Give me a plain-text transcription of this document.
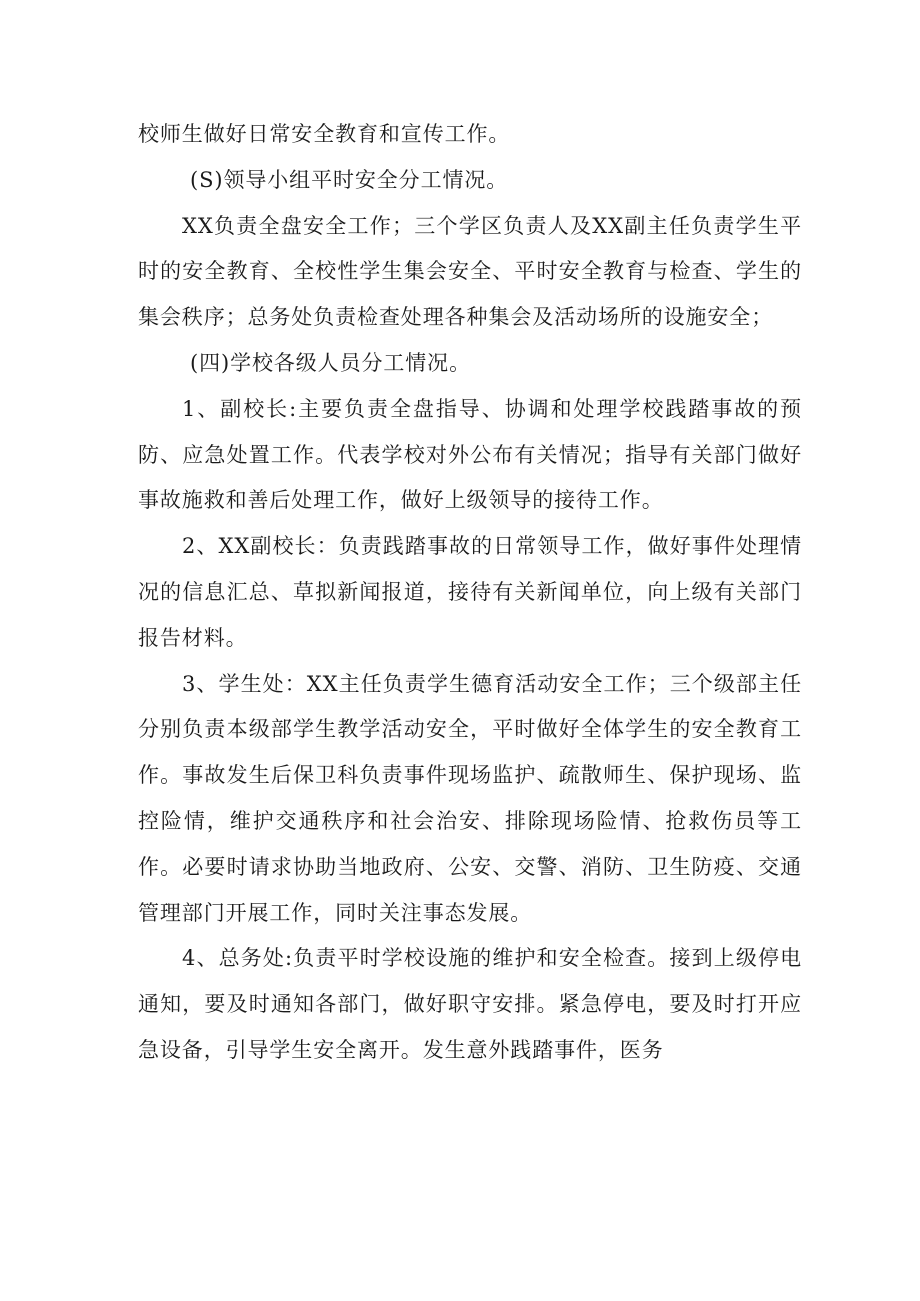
校师生做好日常安全教育和宣传工作。

(S)领导小组平时安全分工情况。

XX负责全盘安全工作；三个学区负责人及XX副主任负责学生平时的安全教育、全校性学生集会安全、平时安全教育与检查、学生的集会秩序；总务处负责检查处理各种集会及活动场所的设施安全；

(四)学校各级人员分工情况。

1、副校长:主要负责全盘指导、协调和处理学校践踏事故的预防、应急处置工作。代表学校对外公布有关情况；指导有关部门做好事故施救和善后处理工作，做好上级领导的接待工作。

2、XX副校长：负责践踏事故的日常领导工作，做好事件处理情况的信息汇总、草拟新闻报道，接待有关新闻单位，向上级有关部门报告材料。

3、学生处：XX主任负责学生德育活动安全工作；三个级部主任分别负责本级部学生教学活动安全，平时做好全体学生的安全教育工作。事故发生后保卫科负责事件现场监护、疏散师生、保护现场、监控险情，维护交通秩序和社会治安、排除现场险情、抢救伤员等工作。必要时请求协助当地政府、公安、交警、消防、卫生防疫、交通管理部门开展工作，同时关注事态发展。

4、总务处:负责平时学校设施的维护和安全检查。接到上级停电通知，要及时通知各部门，做好职守安排。紧急停电，要及时打开应急设备，引导学生安全离开。发生意外践踏事件，医务
